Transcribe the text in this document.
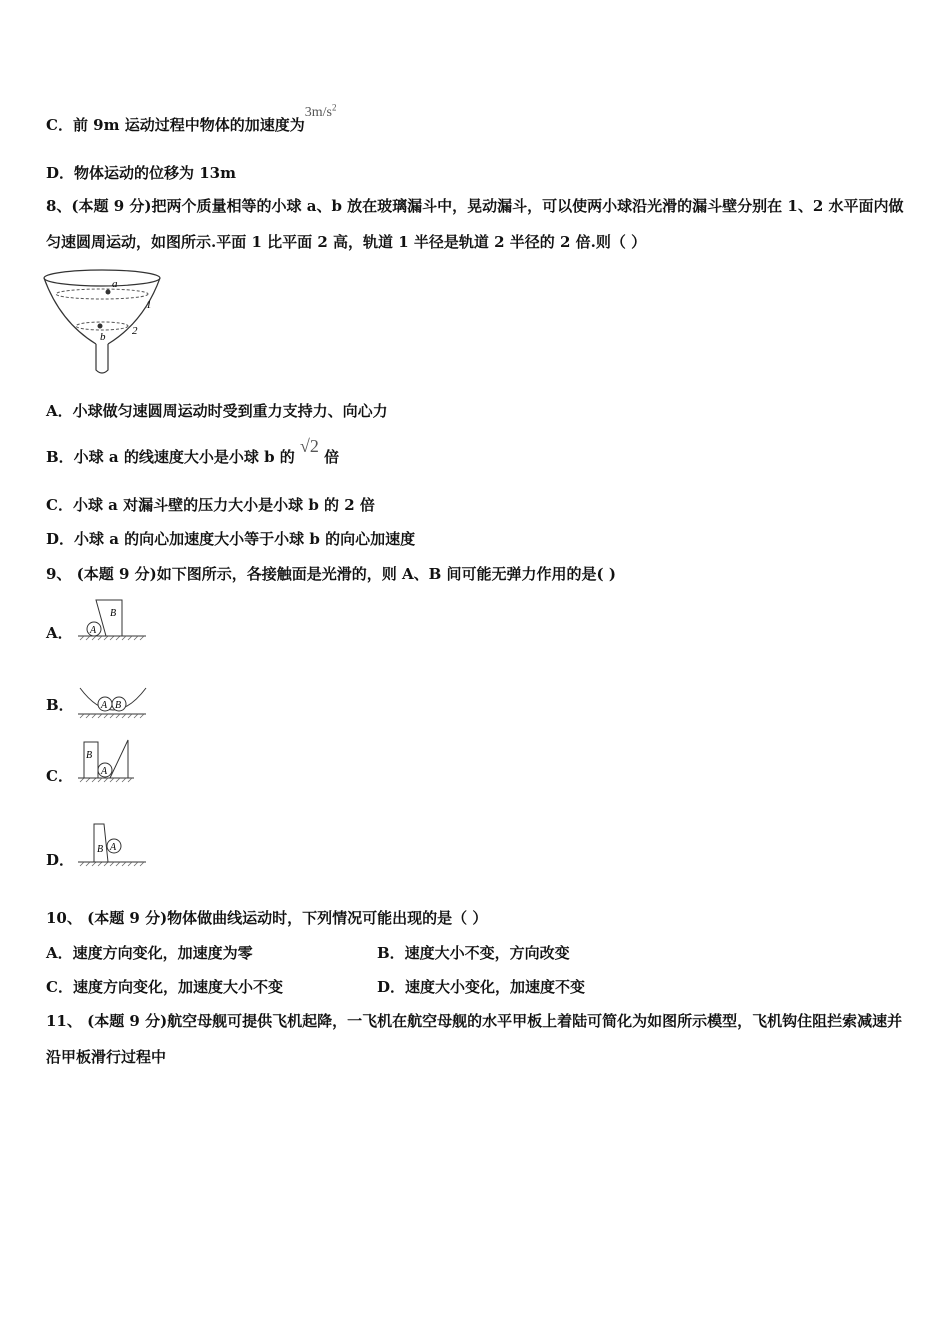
C．前 9m 运动过程中物体的加速度为$3m/s^2$
D．物体运动的位移为 13m
8、(本题 9 分)把两个质量相等的小球 a、b 放在玻璃漏斗中，晃动漏斗，可以使两小球沿光滑的漏斗壁分别在 1、2 水平面内做匀速圆周运动，如图所示.平面 1 比平面 2 高，轨道 1 半径是轨道 2 半径的 2 倍.则（ ）
a
b
1
2
A．小球做匀速圆周运动时受到重力支持力、向心力
B．小球 a 的线速度大小是小球 b 的 √2 倍
C．小球 a 对漏斗壁的压力大小是小球 b 的 2 倍
D．小球 a 的向心加速度大小等于小球 b 的向心加速度
9、 (本题 9 分)如下图所示，各接触面是光滑的，则 A、B 间可能无弹力作用的是( )
A． A
B
B．	A B
C．
B
A
D．
B A
10、 (本题 9 分)物体做曲线运动时，下列情况可能出现的是（ ）
A．速度方向变化，加速度为零	B．速度大小不变，方向改变
C．速度方向变化，加速度大小不变	D．速度大小变化，加速度不变
11、 (本题 9 分)航空母舰可提供飞机起降，一飞机在航空母舰的水平甲板上着陆可简化为如图所示模型，飞机钩住阻拦索减速并沿甲板滑行过程中
